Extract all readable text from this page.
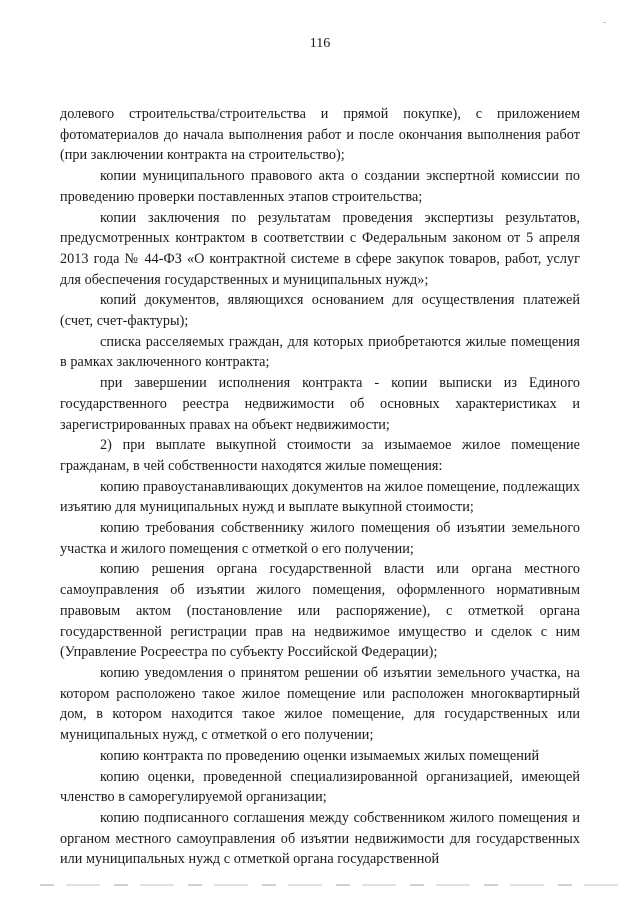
116

долевого строительства/строительства и прямой покупке), с приложением фотоматериалов до начала выполнения работ и после окончания выполнения работ (при заключении контракта на строительство);

копии муниципального правового акта о создании экспертной комиссии по проведению проверки поставленных этапов строительства;

копии заключения по результатам проведения экспертизы результатов, предусмотренных контрактом в соответствии с Федеральным законом от 5 апреля 2013 года № 44-ФЗ «О контрактной системе в сфере закупок товаров, работ, услуг для обеспечения государственных и муниципальных нужд»;

копий документов, являющихся основанием для осуществления платежей (счет, счет-фактуры);

списка расселяемых граждан, для которых приобретаются жилые помещения в рамках заключенного контракта;

при завершении исполнения контракта - копии выписки из Единого государственного реестра недвижимости об основных характеристиках и зарегистрированных правах на объект недвижимости;

2) при выплате выкупной стоимости за изымаемое жилое помещение гражданам, в чей собственности находятся жилые помещения:

копию правоустанавливающих документов на жилое помещение, подлежащих изъятию для муниципальных нужд и выплате выкупной стоимости;

копию требования собственнику жилого помещения об изъятии земельного участка и жилого помещения с отметкой о его получении;

копию решения органа государственной власти или органа местного самоуправления об изъятии жилого помещения, оформленного нормативным правовым актом (постановление или распоряжение), с отметкой органа государственной регистрации прав на недвижимое имущество и сделок с ним (Управление Росреестра по субъекту Российской Федерации);

копию уведомления о принятом решении об изъятии земельного участка, на котором расположено такое жилое помещение или расположен многоквартирный дом, в котором находится такое жилое помещение, для государственных или муниципальных нужд, с отметкой о его получении;

копию контракта по проведению оценки изымаемых жилых помещений

копию оценки, проведенной специализированной организацией, имеющей членство в саморегулируемой организации;

копию подписанного соглашения между собственником жилого помещения и органом местного самоуправления об изъятии недвижимости для государственных или муниципальных нужд с отметкой органа государственной
